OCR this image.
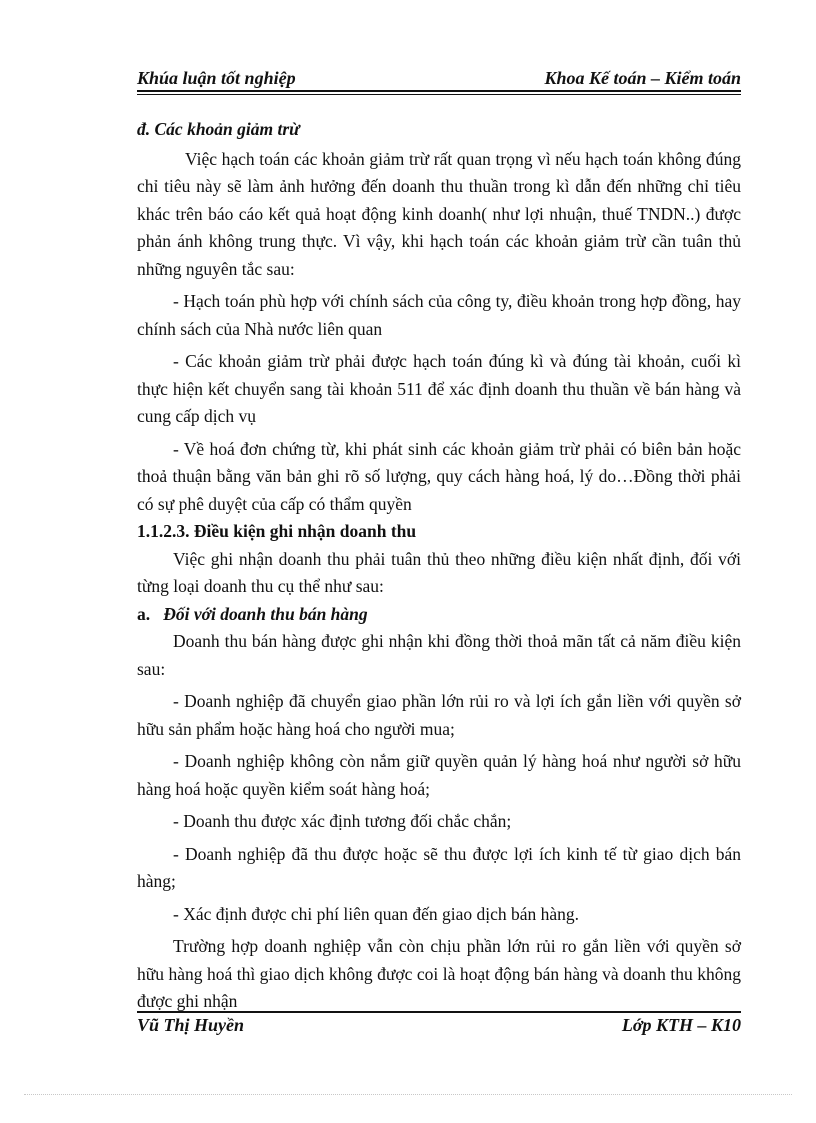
Khúa luận tốt nghiệp	Khoa Kế toán – Kiểm toán

đ. Các khoản giảm trừ

Việc hạch toán các khoản giảm trừ rất quan trọng vì nếu hạch toán không đúng chỉ tiêu này sẽ làm ảnh hưởng đến doanh thu thuần trong kì dẫn đến những chỉ tiêu khác trên báo cáo kết quả hoạt động kinh doanh( như lợi nhuận, thuế TNDN..) được phản ánh không trung thực. Vì vậy, khi hạch toán các khoản giảm trừ cần tuân thủ những nguyên tắc sau:

- Hạch toán phù hợp với chính sách của công ty, điều khoản trong hợp đồng, hay chính sách của Nhà nước liên quan

- Các khoản giảm trừ phải được hạch toán đúng kì và đúng tài khoản, cuối kì thực hiện kết chuyển sang tài khoản 511 để xác định doanh thu thuần về bán hàng và cung cấp dịch vụ

- Về hoá đơn chứng từ, khi phát sinh các khoản giảm trừ phải có biên bản hoặc thoả thuận bằng văn bản ghi rõ số lượng, quy cách hàng hoá, lý do…Đồng thời phải có sự phê duyệt của cấp có thẩm quyền

1.1.2.3. Điều kiện ghi nhận doanh thu

Việc ghi nhận doanh thu phải tuân thủ theo những điều kiện nhất định, đối với từng loại doanh thu cụ thể như sau:

a. Đối với doanh thu bán hàng

Doanh thu bán hàng được ghi nhận khi đồng thời thoả mãn tất cả năm điều kiện sau:

- Doanh nghiệp đã chuyển giao phần lớn rủi ro và lợi ích gắn liền với quyền sở hữu sản phẩm hoặc hàng hoá cho người mua;

- Doanh nghiệp không còn nắm giữ quyền quản lý hàng hoá như người sở hữu hàng hoá hoặc quyền kiểm soát hàng hoá;

- Doanh thu được xác định tương đối chắc chắn;

- Doanh nghiệp đã thu được hoặc sẽ thu được lợi ích kinh tế từ giao dịch bán hàng;

- Xác định được chi phí liên quan đến giao dịch bán hàng.

Trường hợp doanh nghiệp vẫn còn chịu phần lớn rủi ro gắn liền với quyền sở hữu hàng hoá thì giao dịch không được coi là hoạt động bán hàng và doanh thu không được ghi nhận

Vũ Thị Huyền	Lớp KTH – K10
